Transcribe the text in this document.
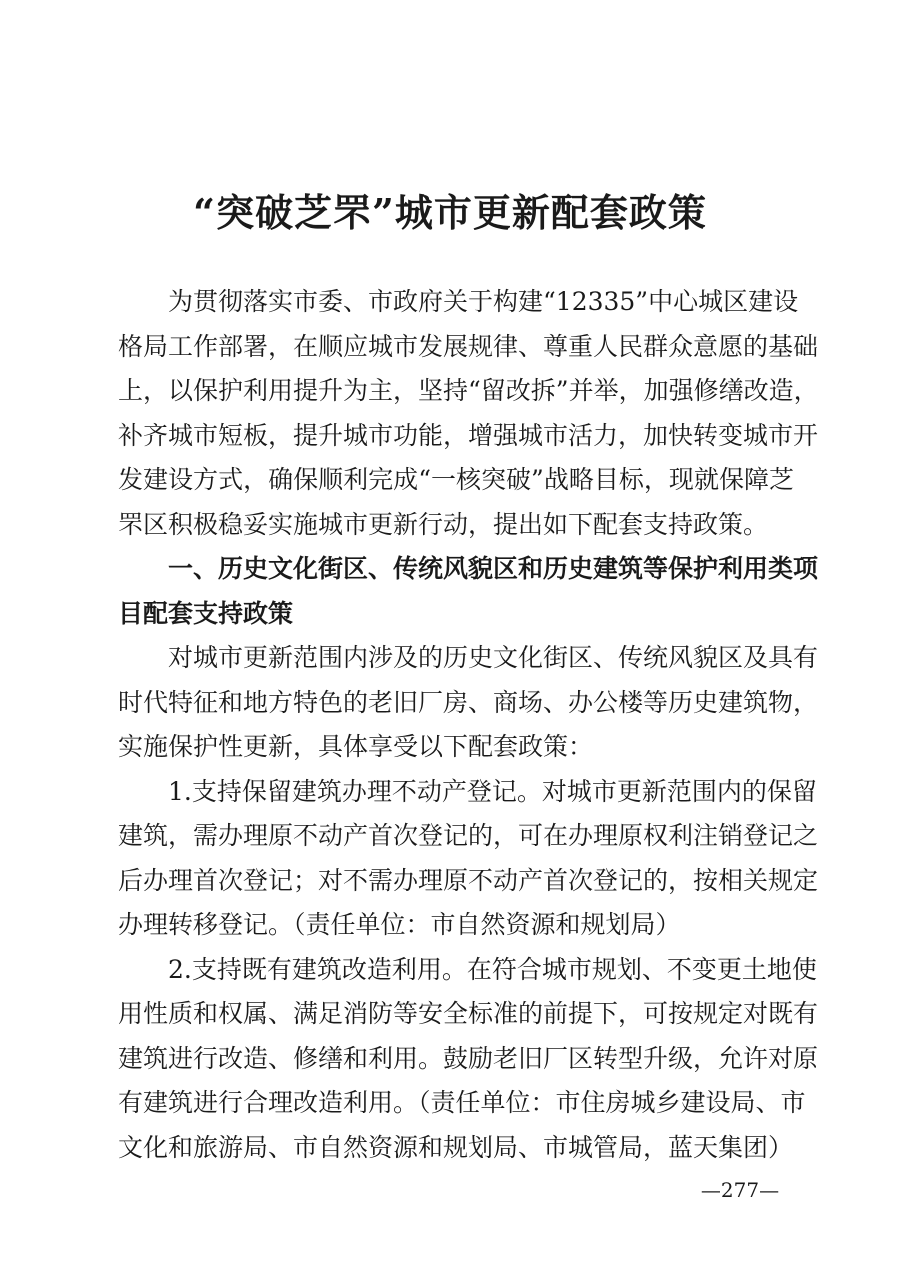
“突破芝罘”城市更新配套政策
为贯彻落实市委、市政府关于构建“12335”中心城区建设
格局工作部署，在顺应城市发展规律、尊重人民群众意愿的基础
上，以保护利用提升为主，坚持“留改拆”并举，加强修缮改造，
补齐城市短板，提升城市功能，增强城市活力，加快转变城市开
发建设方式，确保顺利完成“一核突破”战略目标，现就保障芝
罘区积极稳妥实施城市更新行动，提出如下配套支持政策。
一、历史文化街区、传统风貌区和历史建筑等保护利用类项
目配套支持政策
对城市更新范围内涉及的历史文化街区、传统风貌区及具有
时代特征和地方特色的老旧厂房、商场、办公楼等历史建筑物，
实施保护性更新，具体享受以下配套政策：
1.支持保留建筑办理不动产登记。对城市更新范围内的保留
建筑，需办理原不动产首次登记的，可在办理原权利注销登记之
后办理首次登记；对不需办理原不动产首次登记的，按相关规定
办理转移登记。（责任单位：市自然资源和规划局）
2.支持既有建筑改造利用。在符合城市规划、不变更土地使
用性质和权属、满足消防等安全标准的前提下，可按规定对既有
建筑进行改造、修缮和利用。鼓励老旧厂区转型升级，允许对原
有建筑进行合理改造利用。（责任单位：市住房城乡建设局、市
文化和旅游局、市自然资源和规划局、市城管局，蓝天集团）
—277—
